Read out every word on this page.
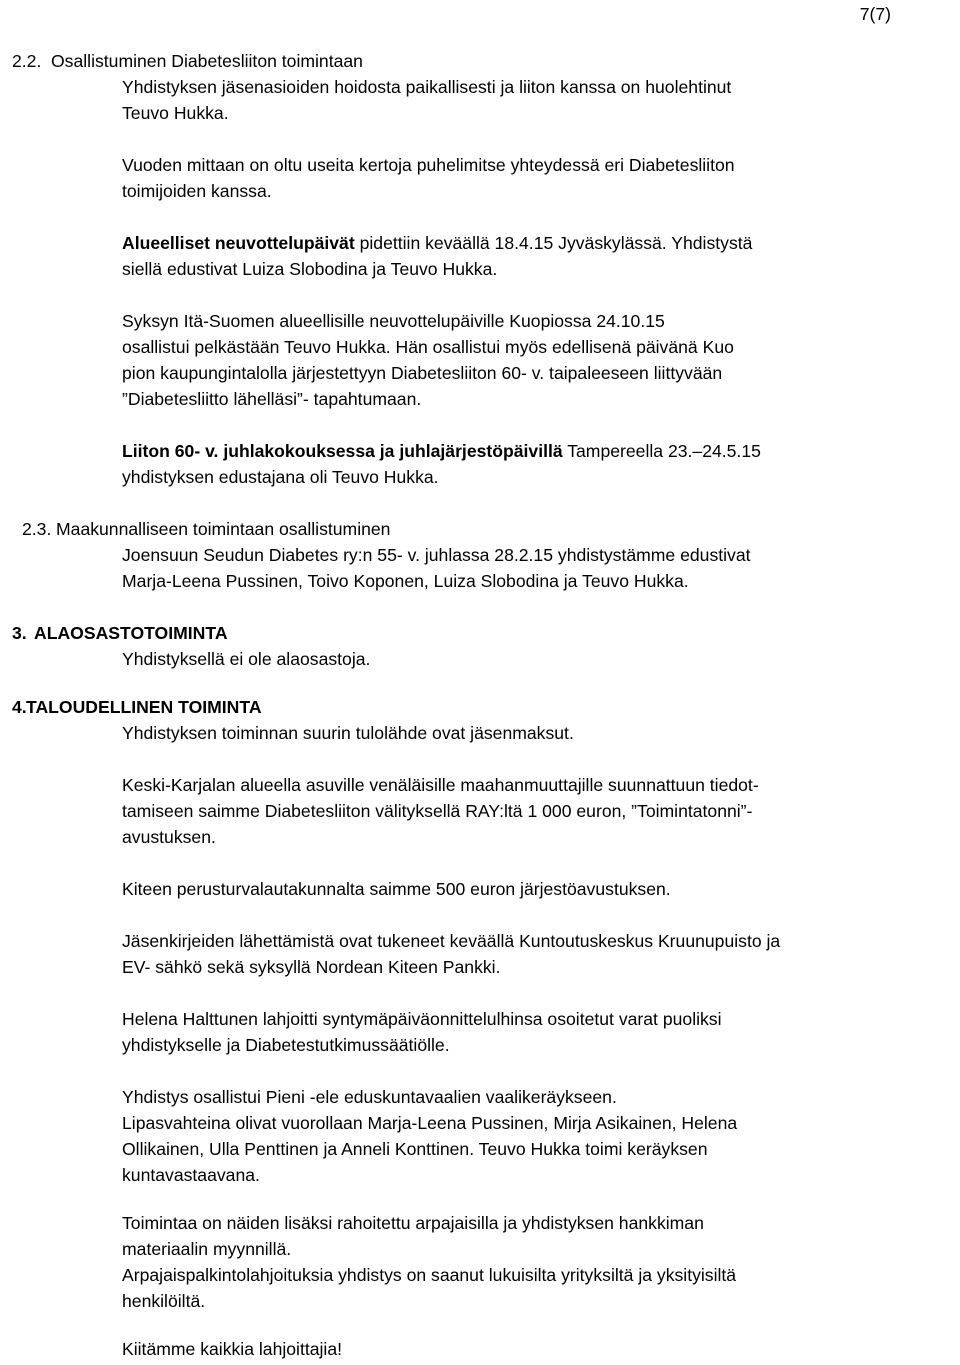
7(7)
2.2. Osallistuminen Diabetesliiton toimintaan
Yhdistyksen jäsenasioiden hoidosta paikallisesti ja liiton kanssa on huolehtinut
Teuvo Hukka.
Vuoden mittaan on oltu useita kertoja puhelimitse yhteydessä eri Diabetesliiton
toimijoiden kanssa.
Alueelliset neuvottelupäivät pidettiin keväällä 18.4.15 Jyväskylässä. Yhdistystä
siellä edustivat Luiza Slobodina ja Teuvo Hukka.
Syksyn Itä-Suomen alueellisille neuvottelupäiville Kuopiossa 24.10.15
osallistui pelkästään Teuvo Hukka. Hän osallistui myös edellisenä päivänä Kuo
pion kaupungintalolla järjestettyyn Diabetesliiton 60- v. taipaleeseen liittyvään
”Diabetesliitto lähelläsi”- tapahtumaan.
Liiton 60- v. juhlakokouksessa ja juhlajärjestöpäivillä Tampereella 23.–24.5.15
yhdistyksen edustajana oli Teuvo Hukka.
2.3. Maakunnalliseen toimintaan osallistuminen
Joensuun Seudun Diabetes ry:n 55- v. juhlassa 28.2.15 yhdistystämme edustivat
Marja-Leena Pussinen, Toivo Koponen, Luiza Slobodina ja Teuvo Hukka.
3. ALAOSASTOTOIMINTA
Yhdistyksellä ei ole alaosastoja.
4. TALOUDELLINEN TOIMINTA
Yhdistyksen toiminnan suurin tulolähde ovat jäsenmaksut.
Keski-Karjalan alueella asuville venäläisille maahanmuuttajille suunnattuun tiedot-
tamiseen saimme Diabetesliiton välityksellä RAY:ltä 1 000 euron, ”Toimintatonni”-
avustuksen.
Kiteen perusturvalautakunnalta saimme 500 euron järjestöavustuksen.
Jäsenkirjeiden lähettämistä ovat tukeneet keväällä Kuntoutuskeskus Kruunupuisto ja
EV- sähkö sekä syksyllä Nordean Kiteen Pankki.
Helena Halttunen lahjoitti syntymäpäiväonnittelulhinsa osoitetut varat puoliksi
yhdistykselle ja Diabetestutkimussäätiölle.
Yhdistys osallistui Pieni -ele eduskuntavaalien vaalikeräykseen.
Lipasvahteina olivat vuorollaan Marja-Leena Pussinen, Mirja Asikainen, Helena
Ollikainen, Ulla Penttinen ja Anneli Konttinen. Teuvo Hukka toimi keräyksen
kuntavastaavana.
Toimintaa on näiden lisäksi rahoitettu arpajaisilla ja yhdistyksen hankkiman
materiaalin myynnillä.
Arpajaispalkintolahjoituksia yhdistys on saanut lukuisilta yrityksiltä ja yksityisiltä
henkilöiltä.
Kiitämme kaikkia lahjoittajia!
